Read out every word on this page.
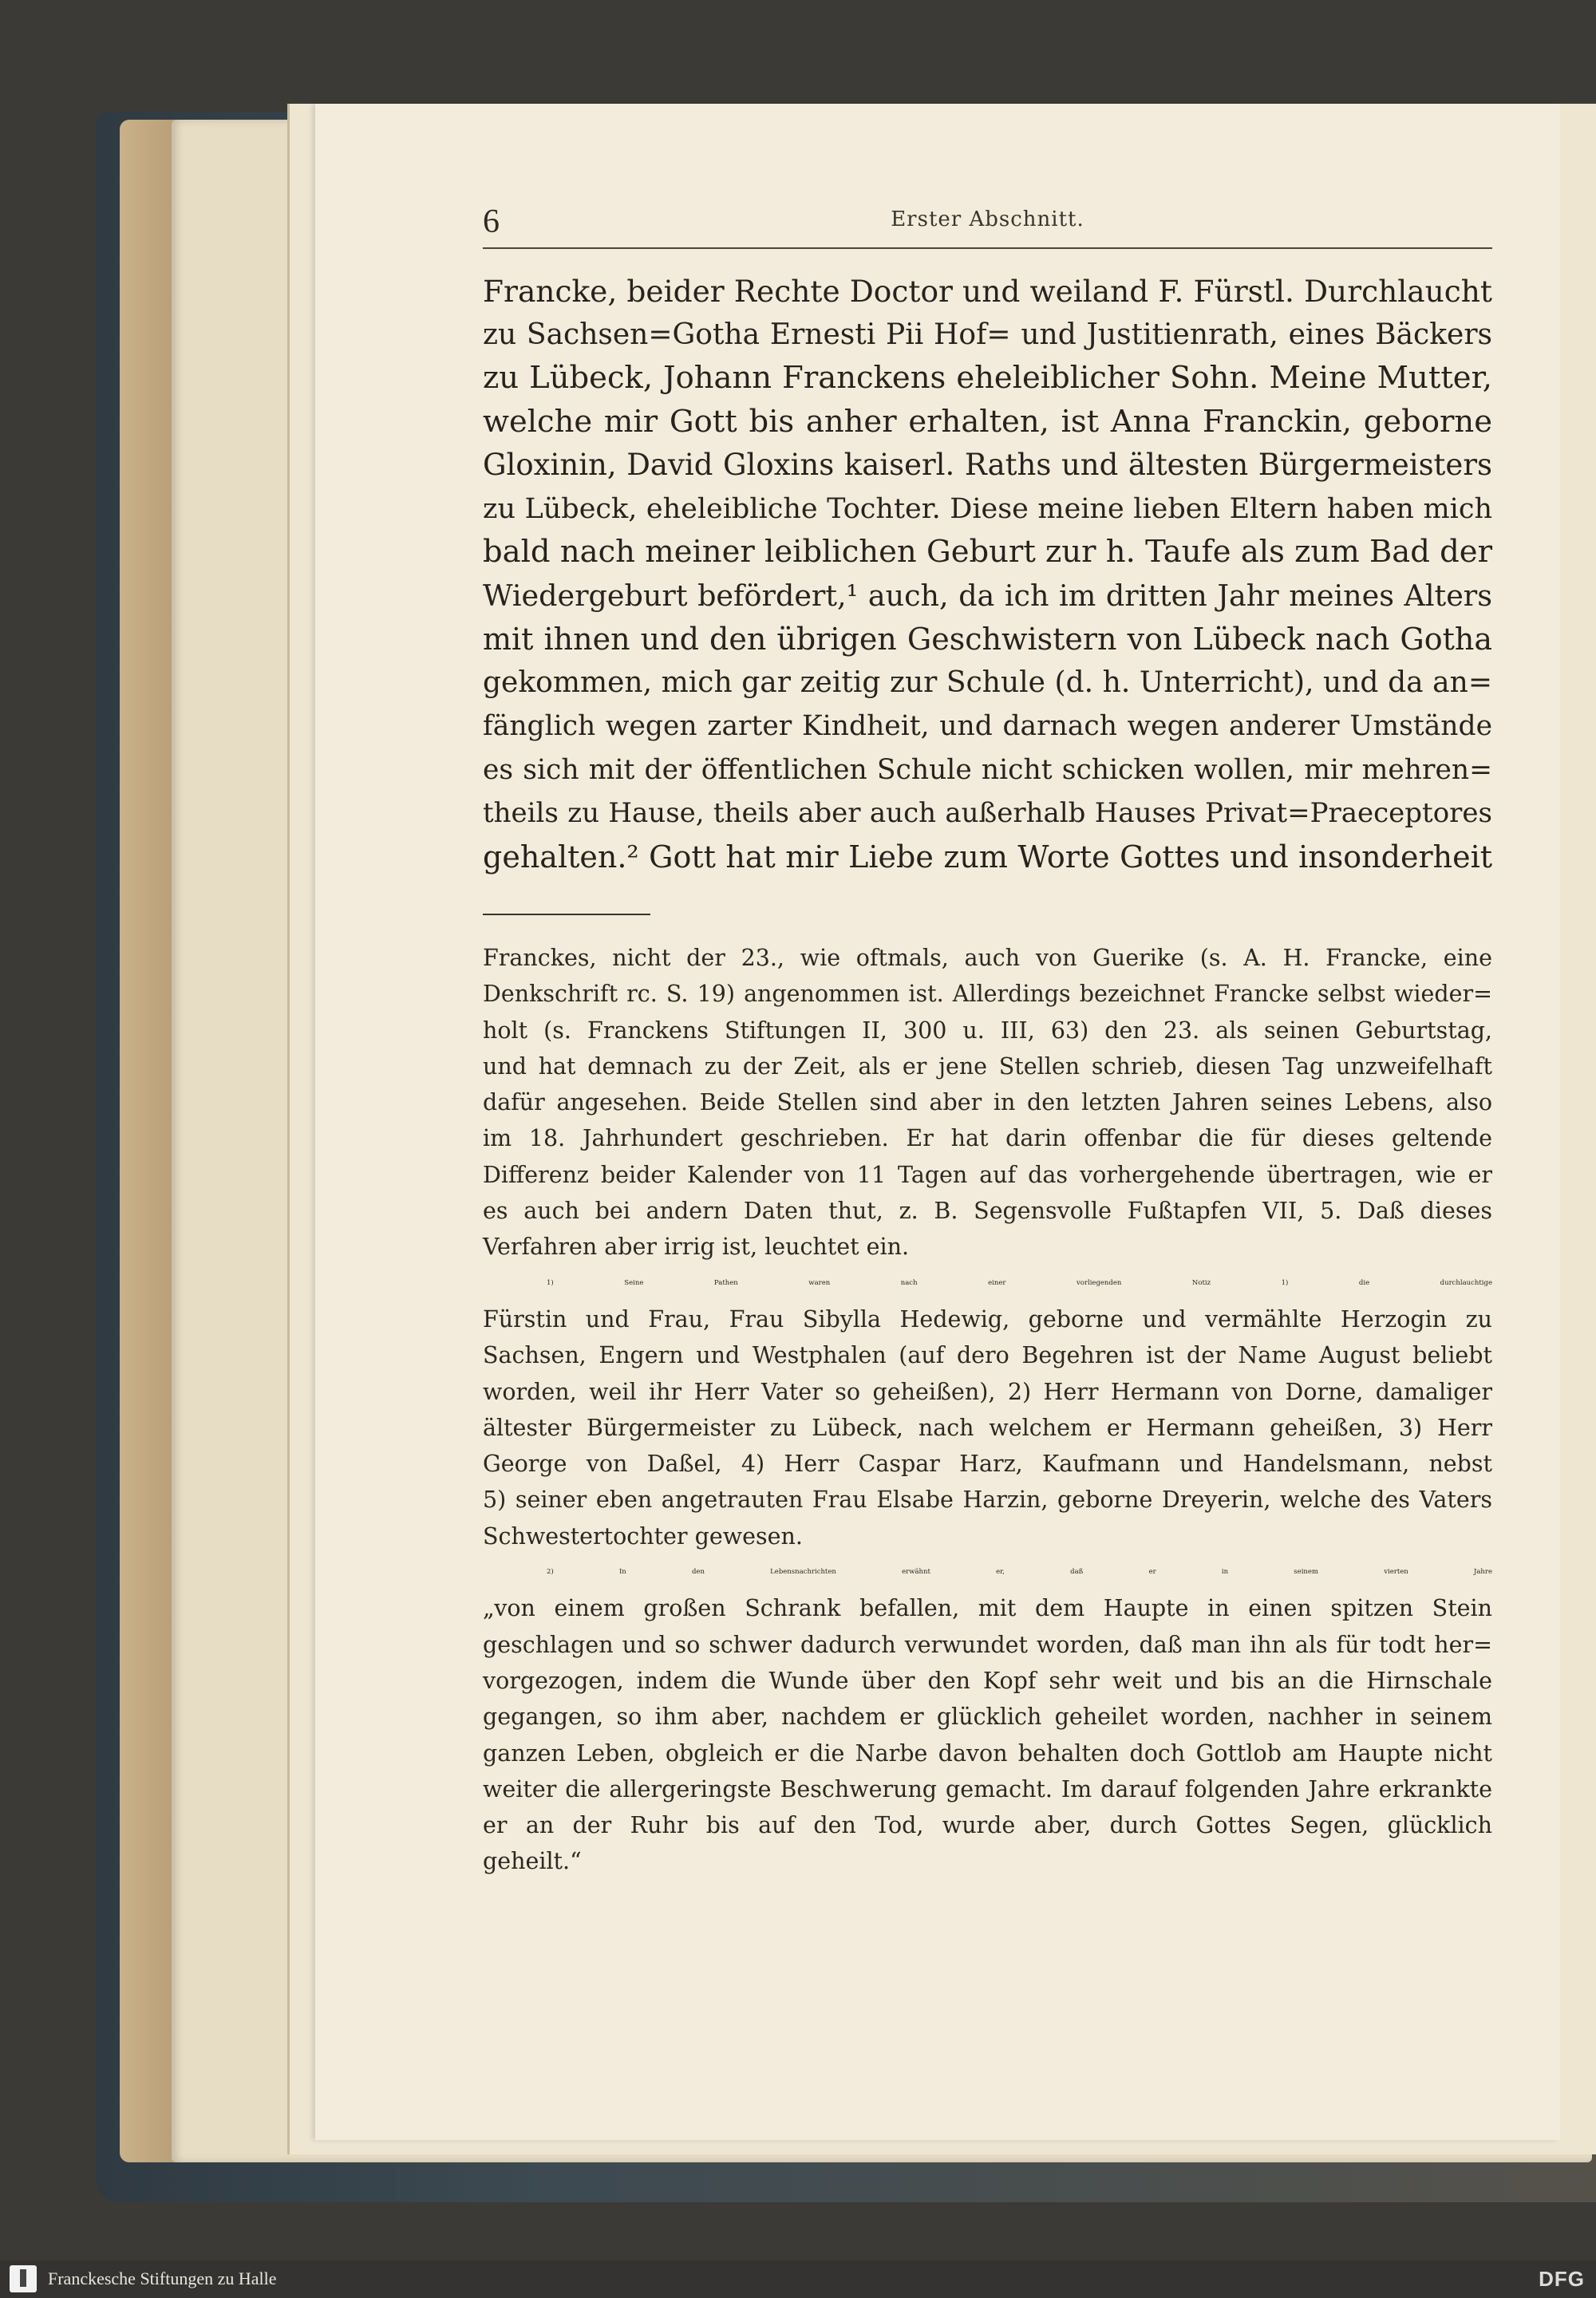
6	Erster Abschnitt.
Francke, beider Rechte Doctor und weiland F. Fürstl. Durchlaucht
zu Sachsen=Gotha Ernesti Pii Hof= und Justitienrath, eines Bäckers
zu Lübeck, Johann Franckens eheleiblicher Sohn. Meine Mutter,
welche mir Gott bis anher erhalten, ist Anna Franckin, geborne
Gloxinin, David Gloxins kaiserl. Raths und ältesten Bürgermeisters
zu Lübeck, eheleibliche Tochter. Diese meine lieben Eltern haben mich
bald nach meiner leiblichen Geburt zur h. Taufe als zum Bad der
Wiedergeburt befördert,¹ auch, da ich im dritten Jahr meines Alters
mit ihnen und den übrigen Geschwistern von Lübeck nach Gotha
gekommen, mich gar zeitig zur Schule (d. h. Unterricht), und da an=
fänglich wegen zarter Kindheit, und darnach wegen anderer Umstände
es sich mit der öffentlichen Schule nicht schicken wollen, mir mehren=
theils zu Hause, theils aber auch außerhalb Hauses Privat=Praeceptores
gehalten.² Gott hat mir Liebe zum Worte Gottes und insonderheit
Franckes, nicht der 23., wie oftmals, auch von Guerike (s. A. H. Francke, eine
Denkschrift rc. S. 19) angenommen ist. Allerdings bezeichnet Francke selbst wieder=
holt (s. Franckens Stiftungen II, 300 u. III, 63) den 23. als seinen Geburtstag,
und hat demnach zu der Zeit, als er jene Stellen schrieb, diesen Tag unzweifelhaft
dafür angesehen. Beide Stellen sind aber in den letzten Jahren seines Lebens, also
im 18. Jahrhundert geschrieben. Er hat darin offenbar die für dieses geltende
Differenz beider Kalender von 11 Tagen auf das vorhergehende übertragen, wie er
es auch bei andern Daten thut, z. B. Segensvolle Fußtapfen VII, 5. Daß dieses
Verfahren aber irrig ist, leuchtet ein.
1) Seine Pathen waren nach einer vorliegenden Notiz 1) die durchlauchtige
Fürstin und Frau, Frau Sibylla Hedewig, geborne und vermählte Herzogin zu
Sachsen, Engern und Westphalen (auf dero Begehren ist der Name August beliebt
worden, weil ihr Herr Vater so geheißen), 2) Herr Hermann von Dorne, damaliger
ältester Bürgermeister zu Lübeck, nach welchem er Hermann geheißen, 3) Herr
George von Daßel, 4) Herr Caspar Harz, Kaufmann und Handelsmann, nebst
5) seiner eben angetrauten Frau Elsabe Harzin, geborne Dreyerin, welche des Vaters
Schwestertochter gewesen.
2) In den Lebensnachrichten erwähnt er, daß er in seinem vierten Jahre
„von einem großen Schrank befallen, mit dem Haupte in einen spitzen Stein
geschlagen und so schwer dadurch verwundet worden, daß man ihn als für todt her=
vorgezogen, indem die Wunde über den Kopf sehr weit und bis an die Hirnschale
gegangen, so ihm aber, nachdem er glücklich geheilet worden, nachher in seinem
ganzen Leben, obgleich er die Narbe davon behalten doch Gottlob am Haupte nicht
weiter die allergeringste Beschwerung gemacht. Im darauf folgenden Jahre erkrankte
er an der Ruhr bis auf den Tod, wurde aber, durch Gottes Segen, glücklich
geheilt.“
Franckesche Stiftungen zu Halle	DFG
